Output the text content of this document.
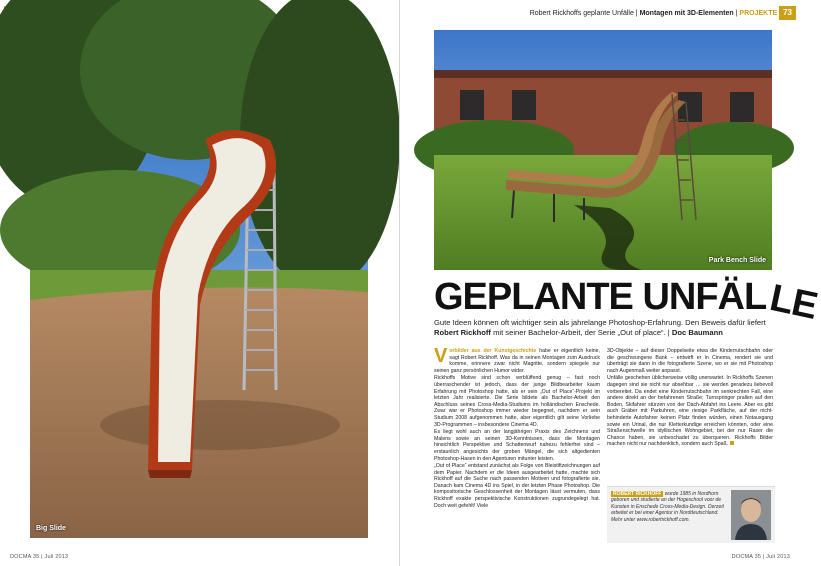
Big Slide
DOCMA 35 | Juli 2013
Robert Rickhoffs geplante Unfälle | Montagen mit 3D-Elementen | PROJEKTE 73
Park Bench Slide
GEPLANTE UNFÄLLE
Gute Ideen können oft wichtiger sein als jahrelange Photoshop-Erfahrung. Den Beweis dafür liefert Robert Rickhoff mit seiner Bachelor-Arbeit, der Serie „Out of place“. | Doc Baumann

Vorbilder aus der Kunstgeschichte habe er eigentlich keine, sagt Robert Rickhoff. Was da in seinen Montagen zum Ausdruck komme, erinnere zwar nicht Magritte, sondern spiegele nur seinen ganz persönlichen Humor wider.

Rickhoffs Motive sind schon verblüffend genug – fast noch überraschender ist jedoch, dass der junge Bildbearbeiter kaum Erfahrung mit Photoshop hatte, als er sein „Out of Place“-Projekt im letzten Jahr realisierte. Die Serie bildete als Bachelor-Arbeit den Abschluss seines Cross-Media-Studiums im holländischen Enschede. Zwar war er Photoshop immer wieder begegnet, nachdem er sein Studium 2008 aufgenommen hatte, aber eigentlich gilt seine Vorliebe 3D-Programmen – insbesondere Cinema 4D.

Es liegt wohl auch an der langjährigen Praxis des Zeichnens und Malens sowie an seinen 3D-Kenntnissen, dass die Montagen hinsichtlich Perspektive und Schattenwurf nahezu fehlerfrei sind – erstaunlich angesichts der groben Mängel, die sich altgedienten Photoshop-Hasen in den Agenturen mitunter leisten.

„Out of Place“ entstand zunächst als Folge von Bleistiftzeichnungen auf dem Papier. Nachdem er die Ideen ausgearbeitet hatte, machte sich Rickhoff auf die Suche nach passenden Motiven und fotografierte sie. Danach kam Cinema 4D ins Spiel, in der letzten Phase Photoshop. Die kompositorische Geschlossenheit der Montagen lässt vermuten, dass Rickhoff exakte perspektivische Konstruktionen zugrundegelegt hat. Doch weit gefehlt! Viele

3D-Objekte – auf dieser Doppelseite etwa die Kinderrutschbahn oder die geschwungene Bank – entwirft er in Cinema, rendert sie und überträgt sie dann in die fotografierte Szene, wo er sie mit Photoshop nach Augenmaß weiter anpasst.

Unfälle geschehen üblicherweise völlig unerwartet. In Rickhoffs Szenen dagegen sind sie nicht nur absehbar … sie werden geradezu liebevoll vorbereitet. Da endet eine Kinderrutschbahn im senkrechten Fall, eine andere direkt an der befahrenen Straße; Turnspringer prallen auf den Boden, Skifahrer stürzen von der Dach-Abfahrt ins Leere. Aber es gibt auch Gräber mit Parkuhren, eine riesige Parkfläche, auf der nicht-behinderte Autofahrer keinen Platz finden würden, einen Notausgang sowie ein Urinal, die nur Kletterkundige erreichen könnten, oder eine Straßenschwelle im idyllischen Wohngebiet, bei der nur Raser die Chance haben, sie unbeschadet zu überqueren. Rickhoffs Bilder machen nicht nur nachdenklich, sondern auch Spaß.

ROBERT RICKHOFF wurde 1985 in Nordhorn geboren und studierte an der Hogeschool voor de Kunsten in Enschede Cross-Media-Design. Derzeit arbeitet er bei einer Agentur in Norddeutschland. Mehr unter www.robertrickhoff.com.
DOCMA 35 | Juli 2013
